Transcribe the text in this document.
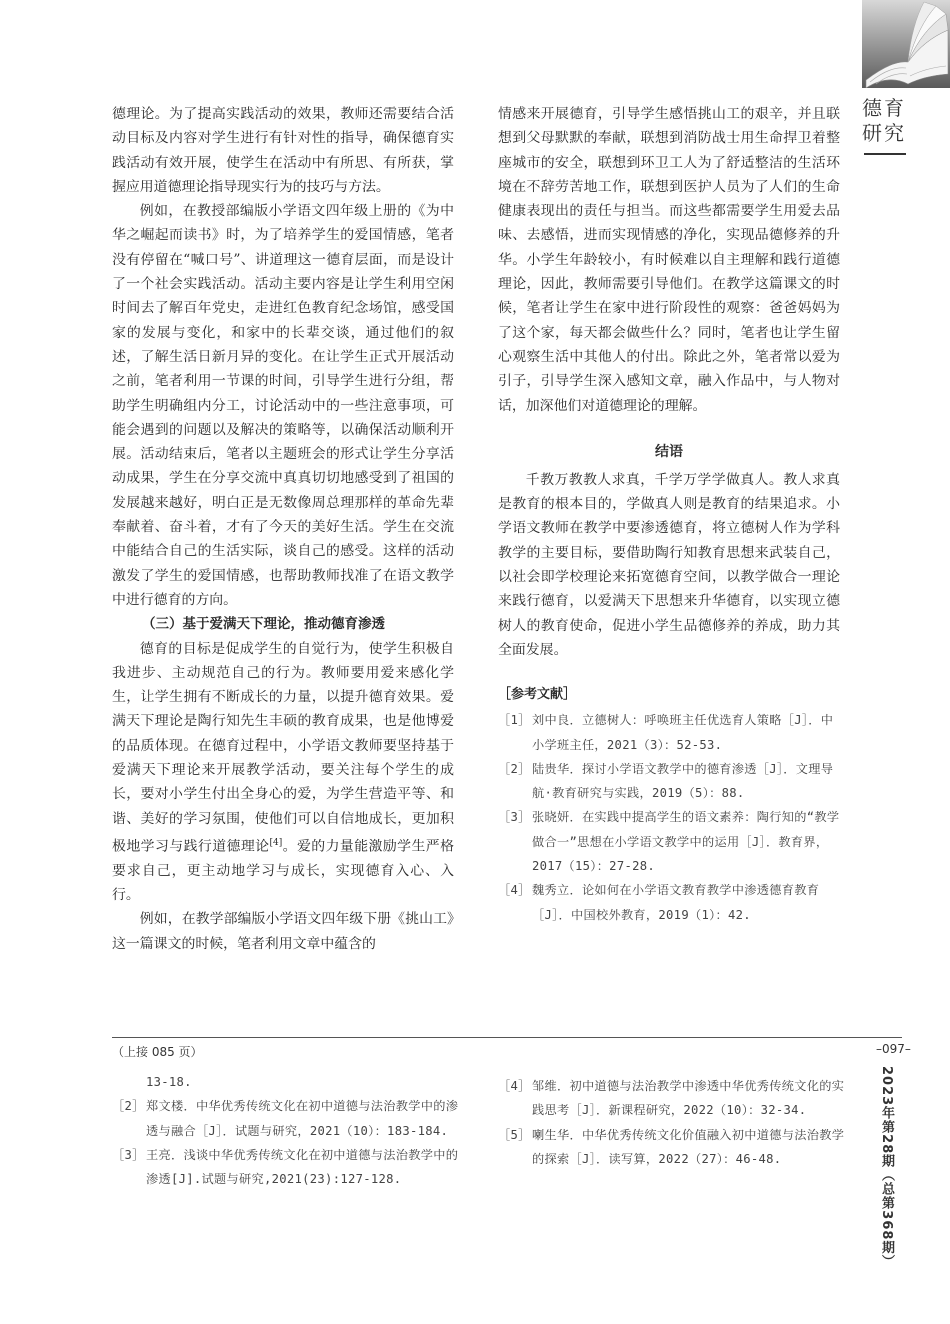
德育研究

德理论。为了提高实践活动的效果，教师还需要结合活动目标及内容对学生进行有针对性的指导，确保德育实践活动有效开展，使学生在活动中有所思、有所获，掌握应用道德理论指导现实行为的技巧与方法。

例如，在教授部编版小学语文四年级上册的《为中华之崛起而读书》时，为了培养学生的爱国情感，笔者没有停留在“喊口号”、讲道理这一德育层面，而是设计了一个社会实践活动。活动主要内容是让学生利用空闲时间去了解百年党史，走进红色教育纪念场馆，感受国家的发展与变化，和家中的长辈交谈，通过他们的叙述，了解生活日新月异的变化。在让学生正式开展活动之前，笔者利用一节课的时间，引导学生进行分组，帮助学生明确组内分工，讨论活动中的一些注意事项，可能会遇到的问题以及解决的策略等，以确保活动顺利开展。活动结束后，笔者以主题班会的形式让学生分享活动成果，学生在分享交流中真真切切地感受到了祖国的发展越来越好，明白正是无数像周总理那样的革命先辈奉献着、奋斗着，才有了今天的美好生活。学生在交流中能结合自己的生活实际，谈自己的感受。这样的活动激发了学生的爱国情感，也帮助教师找准了在语文教学中进行德育的方向。

（三）基于爱满天下理论，推动德育渗透

德育的目标是促成学生的自觉行为，使学生积极自我进步、主动规范自己的行为。教师要用爱来感化学生，让学生拥有不断成长的力量，以提升德育效果。爱满天下理论是陶行知先生丰硕的教育成果，也是他博爱的品质体现。在德育过程中，小学语文教师要坚持基于爱满天下理论来开展教学活动，要关注每个学生的成长，要对小学生付出全身心的爱，为学生营造平等、和谐、美好的学习氛围，使他们可以自信地成长，更加积极地学习与践行道德理论[4]。爱的力量能激励学生严格要求自己，更主动地学习与成长，实现德育入心、入行。

例如，在教学部编版小学语文四年级下册《挑山工》这一篇课文的时候，笔者利用文章中蕴含的

情感来开展德育，引导学生感悟挑山工的艰辛，并且联想到父母默默的奉献，联想到消防战士用生命捍卫着整座城市的安全，联想到环卫工人为了舒适整洁的生活环境在不辞劳苦地工作，联想到医护人员为了人们的生命健康表现出的责任与担当。而这些都需要学生用爱去品味、去感悟，进而实现情感的净化，实现品德修养的升华。小学生年龄较小，有时候难以自主理解和践行道德理论，因此，教师需要引导他们。在教学这篇课文的时候，笔者让学生在家中进行阶段性的观察：爸爸妈妈为了这个家，每天都会做些什么？同时，笔者也让学生留心观察生活中其他人的付出。除此之外，笔者常以爱为引子，引导学生深入感知文章，融入作品中，与人物对话，加深他们对道德理论的理解。

结语

千教万教教人求真，千学万学学做真人。教人求真是教育的根本目的，学做真人则是教育的结果追求。小学语文教师在教学中要渗透德育，将立德树人作为学科教学的主要目标，要借助陶行知教育思想来武装自己，以社会即学校理论来拓宽德育空间，以教学做合一理论来践行德育，以爱满天下思想来升华德育，以实现立德树人的教育使命，促进小学生品德修养的养成，助力其全面发展。

［参考文献］

［1］ 刘中良．立德树人：呼唤班主任优选育人策略［J］．中小学班主任，2021（3）：52-53.

［2］ 陆贵华．探讨小学语文教学中的德育渗透［J］．文理导航·教育研究与实践，2019（5）：88.

［3］ 张晓妍．在实践中提高学生的语文素养：陶行知的“教学做合一”思想在小学语文教学中的运用［J］．教育界，2017（15）：27-28.

［4］ 魏秀立．论如何在小学语文教育教学中渗透德育教育［J］．中国校外教育，2019（1）：42.

（上接 085 页）

13-18.

［2］ 郑文楼．中华优秀传统文化在初中道德与法治教学中的渗透与融合［J］．试题与研究，2021（10）：183-184.

［3］ 王亮．浅谈中华优秀传统文化在初中道德与法治教学中的渗透[J].试题与研究,2021(23):127-128.

［4］ 邹维．初中道德与法治教学中渗透中华优秀传统文化的实践思考［J］．新课程研究，2022（10）：32-34.

［5］ 喇生华．中华优秀传统文化价值融入初中道德与法治教学的探索［J］．读写算，2022（27）：46-48.

–097–
2023年第28期（总第368期）
